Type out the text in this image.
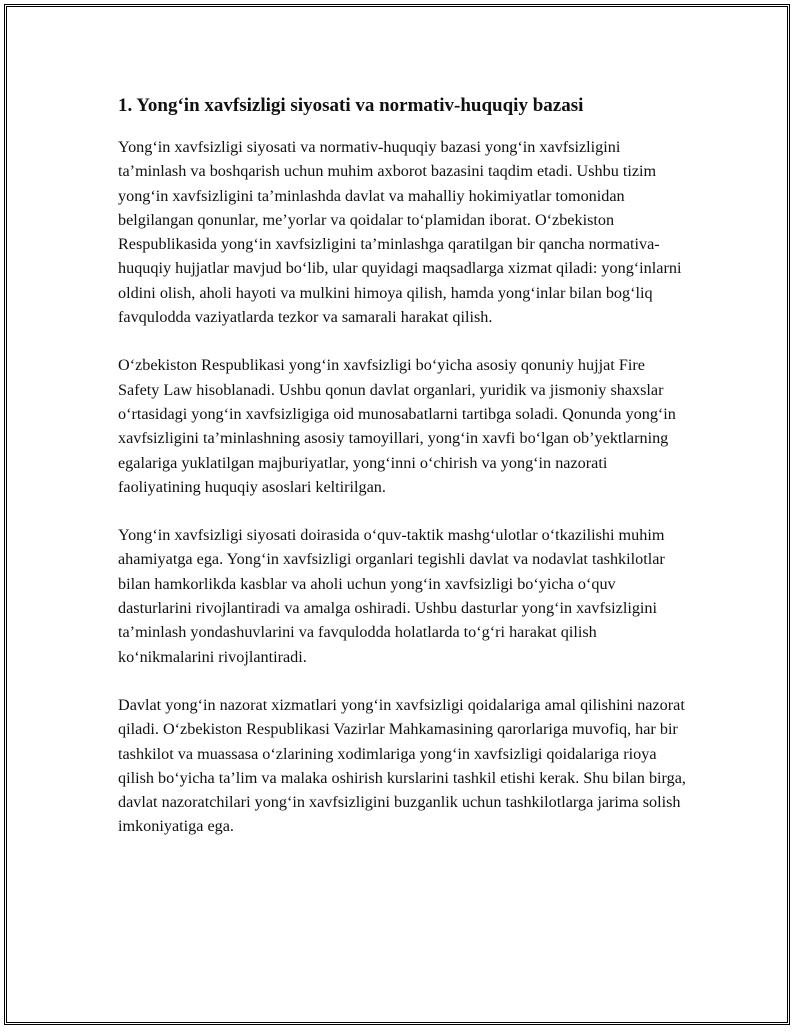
1. Yong‘in xavfsizligi siyosati va normativ-huquqiy bazasi

Yong‘in xavfsizligi siyosati va normativ-huquqiy bazasi yong‘in xavfsizligini ta’minlash va boshqarish uchun muhim axborot bazasini taqdim etadi. Ushbu tizim yong‘in xavfsizligini ta’minlashda davlat va mahalliy hokimiyatlar tomonidan belgilangan qonunlar, me’yorlar va qoidalar to‘plamidan iborat. O‘zbekiston Respublikasida yong‘in xavfsizligini ta’minlashga qaratilgan bir qancha normativa-huquqiy hujjatlar mavjud bo‘lib, ular quyidagi maqsadlarga xizmat qiladi: yong‘inlarni oldini olish, aholi hayoti va mulkini himoya qilish, hamda yong‘inlar bilan bog‘liq favqulodda vaziyatlarda tezkor va samarali harakat qilish.

O‘zbekiston Respublikasi yong‘in xavfsizligi bo‘yicha asosiy qonuniy hujjat Fire Safety Law hisoblanadi. Ushbu qonun davlat organlari, yuridik va jismoniy shaxslar o‘rtasidagi yong‘in xavfsizligiga oid munosabatlarni tartibga soladi. Qonunda yong‘in xavfsizligini ta’minlashning asosiy tamoyillari, yong‘in xavfi bo‘lgan ob’yektlarning egalariga yuklatilgan majburiyatlar, yong‘inni o‘chirish va yong‘in nazorati faoliyatining huquqiy asoslari keltirilgan.

Yong‘in xavfsizligi siyosati doirasida o‘quv-taktik mashg‘ulotlar o‘tkazilishi muhim ahamiyatga ega. Yong‘in xavfsizligi organlari tegishli davlat va nodavlat tashkilotlar bilan hamkorlikda kasblar va aholi uchun yong‘in xavfsizligi bo‘yicha o‘quv dasturlarini rivojlantiradi va amalga oshiradi. Ushbu dasturlar yong‘in xavfsizligini ta’minlash yondashuvlarini va favqulodda holatlarda to‘g‘ri harakat qilish ko‘nikmalarini rivojlantiradi.

Davlat yong‘in nazorat xizmatlari yong‘in xavfsizligi qoidalariga amal qilishini nazorat qiladi. O‘zbekiston Respublikasi Vazirlar Mahkamasining qarorlariga muvofiq, har bir tashkilot va muassasa o‘zlarining xodimlariga yong‘in xavfsizligi qoidalariga rioya qilish bo‘yicha ta’lim va malaka oshirish kurslarini tashkil etishi kerak. Shu bilan birga, davlat nazoratchilari yong‘in xavfsizligini buzganlik uchun tashkilotlarga jarima solish imkoniyatiga ega.
